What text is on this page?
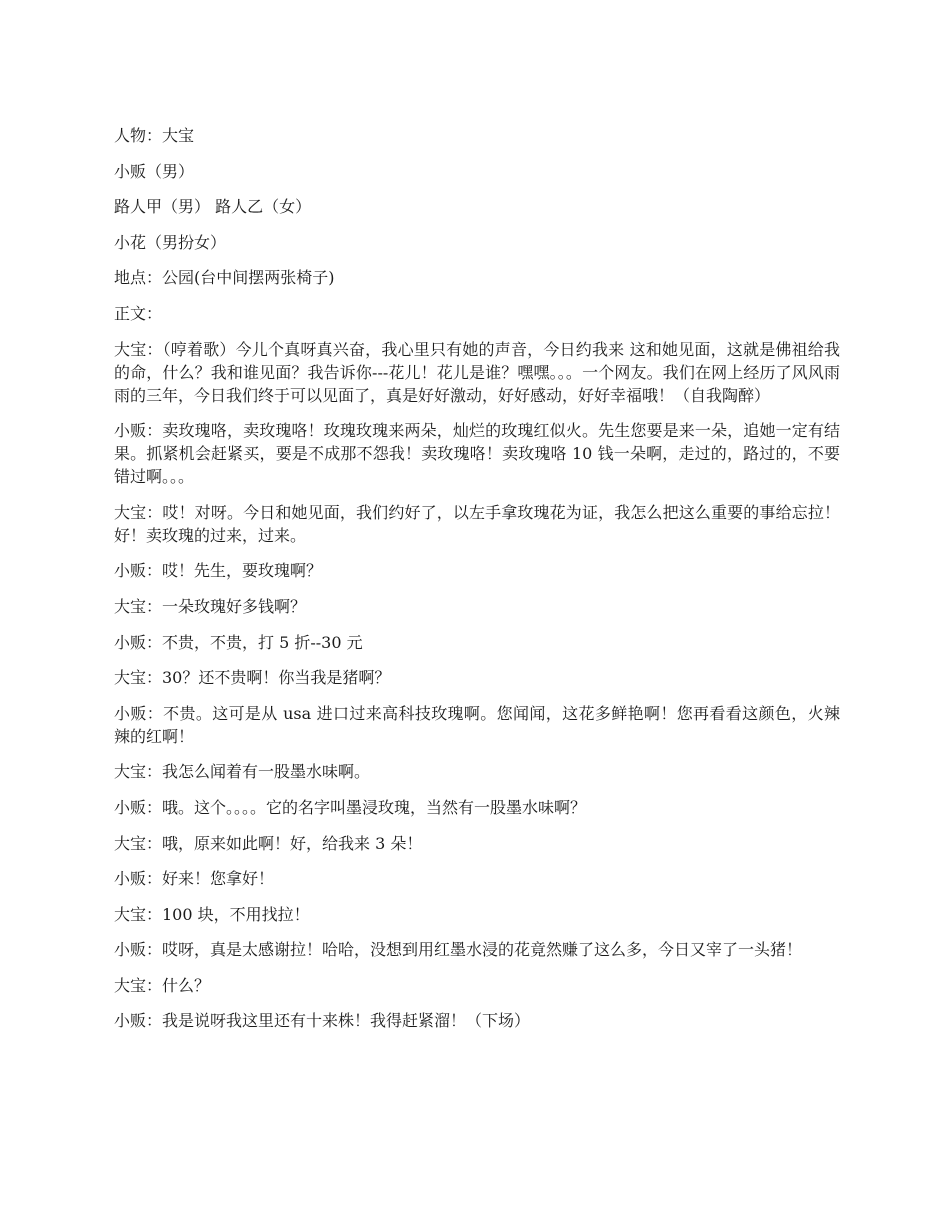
人物：大宝

小贩（男）

路人甲（男） 路人乙（女）

小花（男扮女）

地点：公园(台中间摆两张椅子)

正文：

大宝：（哼着歌）今儿个真呀真兴奋，我心里只有她的声音，今日约我来 这和她见面，这就是佛祖给我的命，什么？我和谁见面？我告诉你---花儿！花儿是谁？嘿嘿。。。一个网友。我们在网上经历了风风雨雨的三年，今日我们终于可以见面了，真是好好激动，好好感动，好好幸福哦！（自我陶醉）

小贩：卖玫瑰咯，卖玫瑰咯！玫瑰玫瑰来两朵，灿烂的玫瑰红似火。先生您要是来一朵，追她一定有结果。抓紧机会赶紧买，要是不成那不怨我！卖玫瑰咯！卖玫瑰咯 10 钱一朵啊，走过的，路过的，不要错过啊。。。

大宝：哎！对呀。今日和她见面，我们约好了，以左手拿玫瑰花为证，我怎么把这么重要的事给忘拉！好！卖玫瑰的过来，过来。

小贩：哎！先生，要玫瑰啊？

大宝：一朵玫瑰好多钱啊？

小贩：不贵，不贵，打 5 折--30 元

大宝：30？还不贵啊！你当我是猪啊？

小贩：不贵。这可是从 usa 进口过来高科技玫瑰啊。您闻闻，这花多鲜艳啊！您再看看这颜色，火辣辣的红啊！

大宝：我怎么闻着有一股墨水味啊。

小贩：哦。这个。。。。它的名字叫墨浸玫瑰，当然有一股墨水味啊？

大宝：哦，原来如此啊！好，给我来 3 朵！

小贩：好来！您拿好！

大宝：100 块，不用找拉！

小贩：哎呀，真是太感谢拉！哈哈，没想到用红墨水浸的花竟然赚了这么多，今日又宰了一头猪！

大宝：什么？

小贩：我是说呀我这里还有十来株！我得赶紧溜！（下场）
